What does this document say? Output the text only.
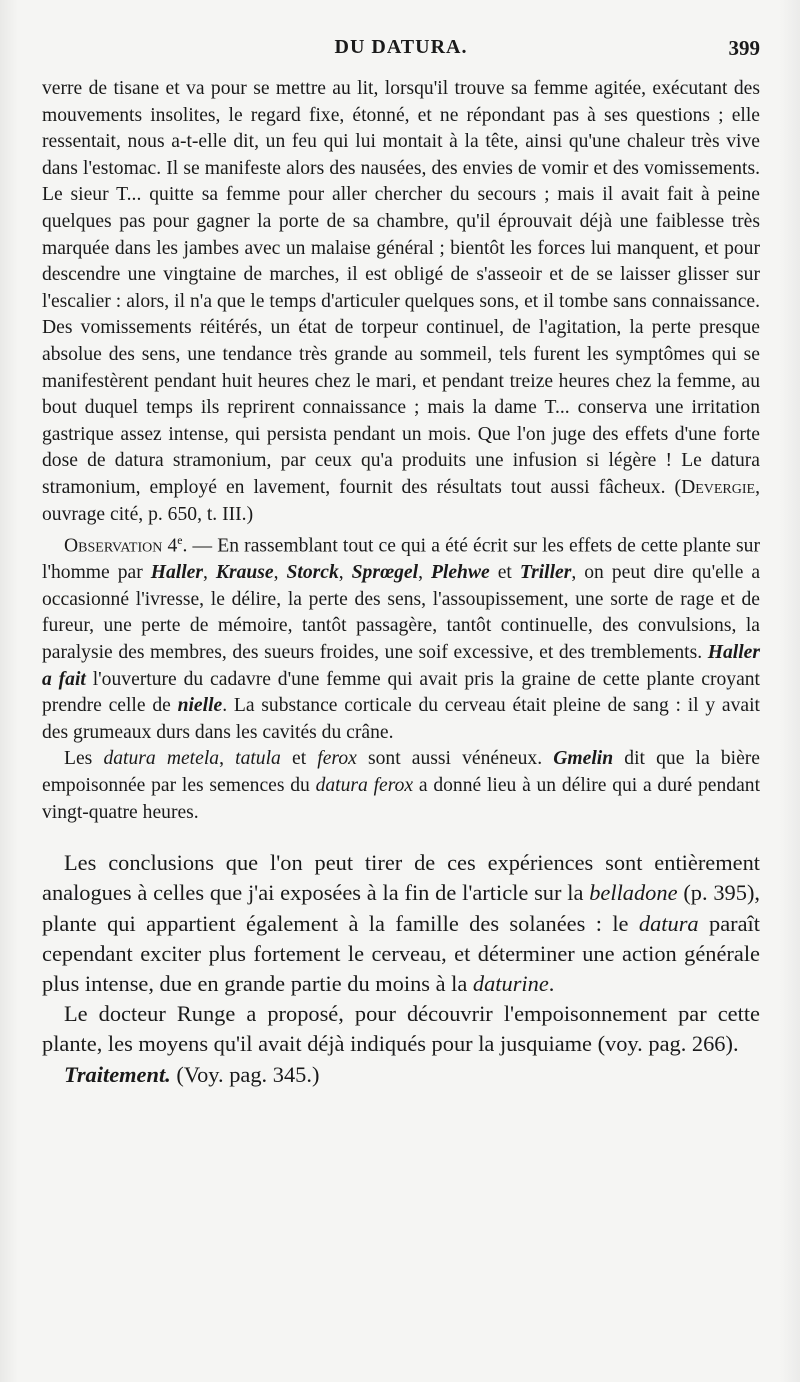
DU DATURA.	399

verre de tisane et va pour se mettre au lit, lorsqu'il trouve sa femme agitée, exécutant des mouvements insolites, le regard fixe, étonné, et ne répondant pas à ses questions ; elle ressentait, nous a-t-elle dit, un feu qui lui montait à la tête, ainsi qu'une chaleur très vive dans l'estomac. Il se manifeste alors des nausées, des envies de vomir et des vomissements. Le sieur T... quitte sa femme pour aller chercher du secours ; mais il avait fait à peine quelques pas pour gagner la porte de sa chambre, qu'il éprouvait déjà une faiblesse très marquée dans les jambes avec un malaise général ; bientôt les forces lui manquent, et pour descendre une vingtaine de marches, il est obligé de s'asseoir et de se laisser glisser sur l'escalier : alors, il n'a que le temps d'articuler quelques sons, et il tombe sans connaissance. Des vomissements réitérés, un état de torpeur continuel, de l'agitation, la perte presque absolue des sens, une tendance très grande au sommeil, tels furent les symptômes qui se manifestèrent pendant huit heures chez le mari, et pendant treize heures chez la femme, au bout duquel temps ils reprirent connaissance ; mais la dame T... conserva une irritation gastrique assez intense, qui persista pendant un mois. Que l'on juge des effets d'une forte dose de datura stramonium, par ceux qu'a produits une infusion si légère ! Le datura stramonium, employé en lavement, fournit des résultats tout aussi fâcheux. (Devergie, ouvrage cité, p. 650, t. III.)

Observation 4e. — En rassemblant tout ce qui a été écrit sur les effets de cette plante sur l'homme par Haller, Krause, Storck, Sprœgel, Plehwe et Triller, on peut dire qu'elle a occasionné l'ivresse, le délire, la perte des sens, l'assoupissement, une sorte de rage et de fureur, une perte de mémoire, tantôt passagère, tantôt continuelle, des convulsions, la paralysie des membres, des sueurs froides, une soif excessive, et des tremblements. Haller a fait l'ouverture du cadavre d'une femme qui avait pris la graine de cette plante croyant prendre celle de nielle. La substance corticale du cerveau était pleine de sang : il y avait des grumeaux durs dans les cavités du crâne.

Les datura metela, tatula et ferox sont aussi vénéneux. Gmelin dit que la bière empoisonnée par les semences du datura ferox a donné lieu à un délire qui a duré pendant vingt-quatre heures.

Les conclusions que l'on peut tirer de ces expériences sont entièrement analogues à celles que j'ai exposées à la fin de l'article sur la belladone (p. 395), plante qui appartient également à la famille des solanées : le datura paraît cependant exciter plus fortement le cerveau, et déterminer une action générale plus intense, due en grande partie du moins à la daturine.

Le docteur Runge a proposé, pour découvrir l'empoisonnement par cette plante, les moyens qu'il avait déjà indiqués pour la jusquiame (voy. pag. 266).

Traitement. (Voy. pag. 345.)
